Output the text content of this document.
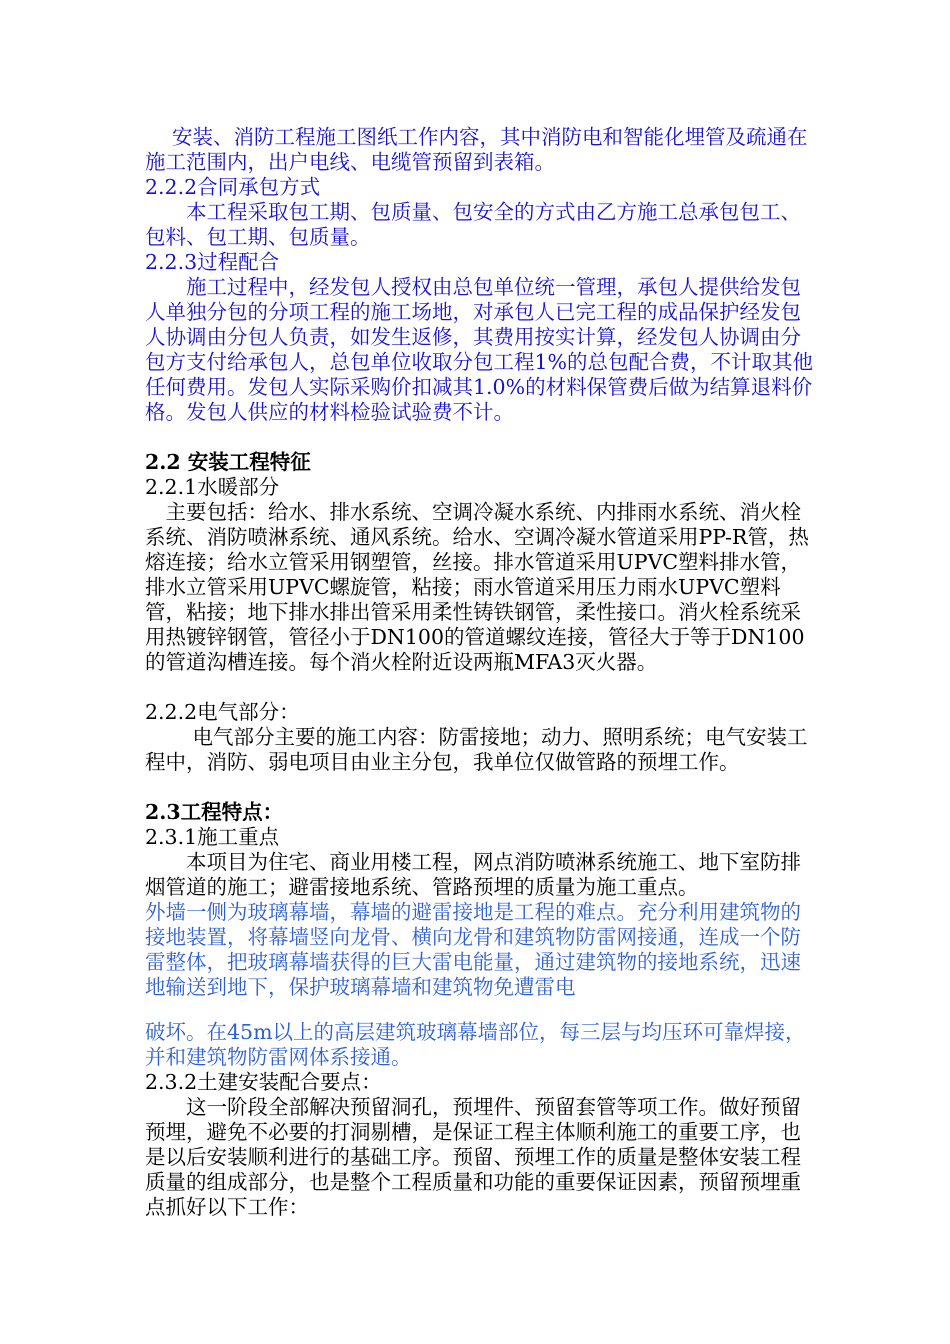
　 安装、消防工程施工图纸工作内容，其中消防电和智能化埋管及疏通在施工范围内，出户电线、电缆管预留到表箱。

2.2.2合同承包方式

　　本工程采取包工期、包质量、包安全的方式由乙方施工总承包包工、包料、包工期、包质量。

2.2.3过程配合

　　施工过程中，经发包人授权由总包单位统一管理，承包人提供给发包人单独分包的分项工程的施工场地，对承包人已完工程的成品保护经发包人协调由分包人负责，如发生返修，其费用按实计算，经发包人协调由分包方支付给承包人，总包单位收取分包工程1%的总包配合费，不计取其他任何费用。发包人实际采购价扣减其1.0%的材料保管费后做为结算退料价格。发包人供应的材料检验试验费不计。

2.2 安装工程特征

2.2.1水暖部分

　主要包括：给水、排水系统、空调冷凝水系统、内排雨水系统、消火栓系统、消防喷淋系统、通风系统。给水、空调冷凝水管道采用PP-R管，热熔连接；给水立管采用钢塑管，丝接。排水管道采用UPVC塑料排水管，排水立管采用UPVC螺旋管，粘接；雨水管道采用压力雨水UPVC塑料管，粘接；地下排水排出管采用柔性铸铁钢管，柔性接口。消火栓系统采用热镀锌钢管，管径小于DN100的管道螺纹连接，管径大于等于DN100的管道沟槽连接。每个消火栓附近设两瓶MFA3灭火器。

2.2.2电气部分：

　　 电气部分主要的施工内容：防雷接地；动力、照明系统；电气安装工程中，消防、弱电项目由业主分包，我单位仅做管路的预埋工作。

2.3工程特点：

2.3.1施工重点

　　本项目为住宅、商业用楼工程，网点消防喷淋系统施工、地下室防排烟管道的施工；避雷接地系统、管路预埋的质量为施工重点。

外墙一侧为玻璃幕墙，幕墙的避雷接地是工程的难点。充分利用建筑物的接地装置，将幕墙竖向龙骨、横向龙骨和建筑物防雷网接通，连成一个防雷整体，把玻璃幕墙获得的巨大雷电能量，通过建筑物的接地系统，迅速地输送到地下，保护玻璃幕墙和建筑物免遭雷电

破坏。在45m以上的高层建筑玻璃幕墙部位，每三层与均压环可靠焊接，并和建筑物防雷网体系接通。

2.3.2土建安装配合要点：

　　这一阶段全部解决预留洞孔，预埋件、预留套管等项工作。做好预留预埋，避免不必要的打洞剔槽，是保证工程主体顺利施工的重要工序，也是以后安装顺利进行的基础工序。预留、预埋工作的质量是整体安装工程质量的组成部分，也是整个工程质量和功能的重要保证因素，预留预埋重点抓好以下工作：
